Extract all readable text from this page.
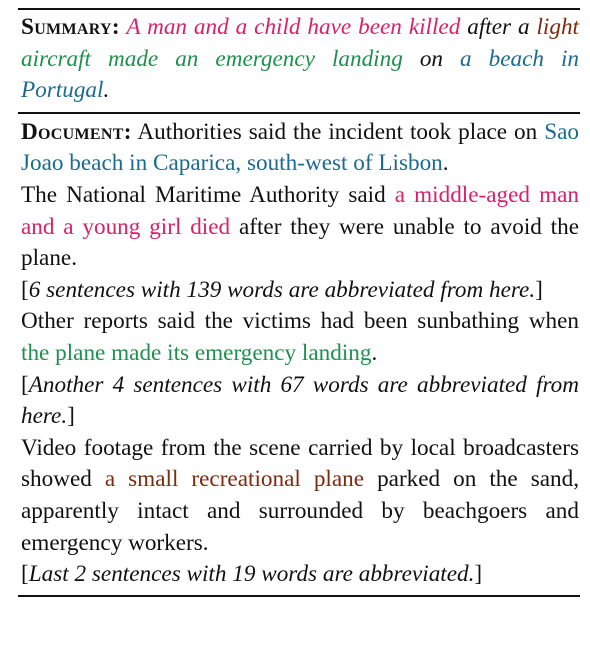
Summary: A man and a child have been killed after a light aircraft made an emergency landing on a beach in Portugal.

Document: Authorities said the incident took place on Sao Joao beach in Caparica, south-west of Lisbon.

The National Maritime Authority said a middle-aged man and a young girl died after they were unable to avoid the plane.

[6 sentences with 139 words are abbreviated from here.]

Other reports said the victims had been sunbathing when the plane made its emergency landing.

[Another 4 sentences with 67 words are abbreviated from here.]

Video footage from the scene carried by local broadcasters showed a small recreational plane parked on the sand, apparently intact and surrounded by beachgoers and emergency workers.

[Last 2 sentences with 19 words are abbreviated.]
